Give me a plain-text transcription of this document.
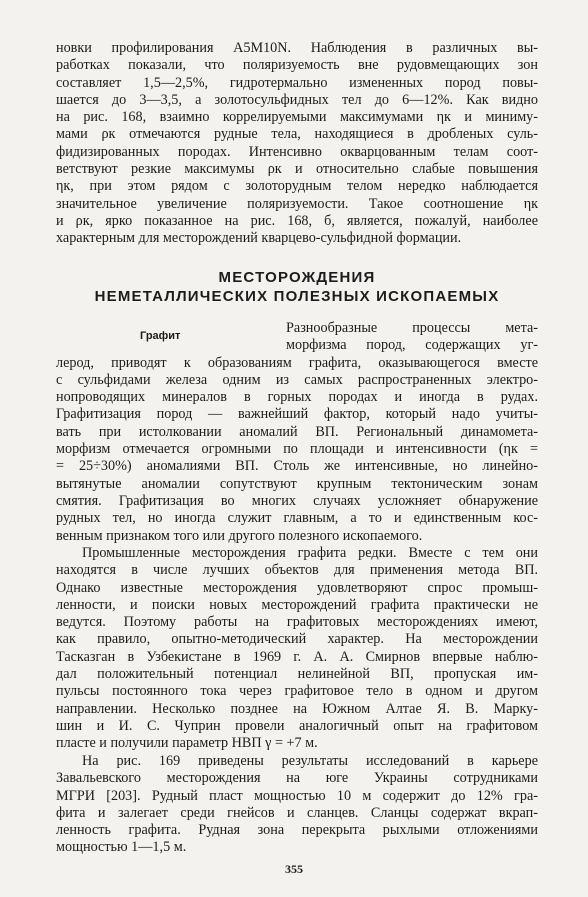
новки профилирования А5М10N. Наблюдения в различных вы-
работках показали, что поляризуемость вне рудовмещающих зон
составляет 1,5—2,5%, гидротермально измененных пород повы-
шается до 3—3,5, а золотосульфидных тел до 6—12%. Как видно
на рис. 168, взаимно коррелируемыми максимумами ηк и миниму-
мами ρк отмечаются рудные тела, находящиеся в дробленых суль-
фидизированных породах. Интенсивно окварцованным телам соот-
ветствуют резкие максимумы ρк и относительно слабые повышения
ηк, при этом рядом с золоторудным телом нередко наблюдается
значительное увеличение поляризуемости. Такое соотношение ηк
и ρк, ярко показанное на рис. 168, б, является, пожалуй, наиболее
характерным для месторождений кварцево-сульфидной формации.

МЕСТОРОЖДЕНИЯ
НЕМЕТАЛЛИЧЕСКИХ ПОЛЕЗНЫХ ИСКОПАЕМЫХ
Графит	Разнообразные процессы мета-
морфизма пород, содержащих уг-

лерод, приводят к образованиям графита, оказывающегося вместе
с сульфидами железа одним из самых распространенных электро-
нопроводящих минералов в горных породах и иногда в рудах.
Графитизация пород — важнейший фактор, который надо учиты-
вать при истолковании аномалий ВП. Региональный динамомета-
морфизм отмечается огромными по площади и интенсивности (ηк =
= 25÷30%) аномалиями ВП. Столь же интенсивные, но линейно-
вытянутые аномалии сопутствуют крупным тектоническим зонам
смятия. Графитизация во многих случаях усложняет обнаружение
рудных тел, но иногда служит главным, а то и единственным кос-
венным признаком того или другого полезного ископаемого.

Промышленные месторождения графита редки. Вместе с тем они
находятся в числе лучших объектов для применения метода ВП.
Однако известные месторождения удовлетворяют спрос промыш-
ленности, и поиски новых месторождений графита практически не
ведутся. Поэтому работы на графитовых месторождениях имеют,
как правило, опытно-методический характер. На месторождении
Тасказган в Узбекистане в 1969 г. А. А. Смирнов впервые наблю-
дал положительный потенциал нелинейной ВП, пропуская им-
пульсы постоянного тока через графитовое тело в одном и другом
направлении. Несколько позднее на Южном Алтае Я. В. Марку-
шин и И. С. Чуприн провели аналогичный опыт на графитовом
пласте и получили параметр НВП γ = +7 м.

На рис. 169 приведены результаты исследований в карьере
Завальевского месторождения на юге Украины сотрудниками
МГРИ [203]. Рудный пласт мощностью 10 м содержит до 12% гра-
фита и залегает среди гнейсов и сланцев. Сланцы содержат вкрап-
ленность графита. Рудная зона перекрыта рыхлыми отложениями
мощностью 1—1,5 м.

355
